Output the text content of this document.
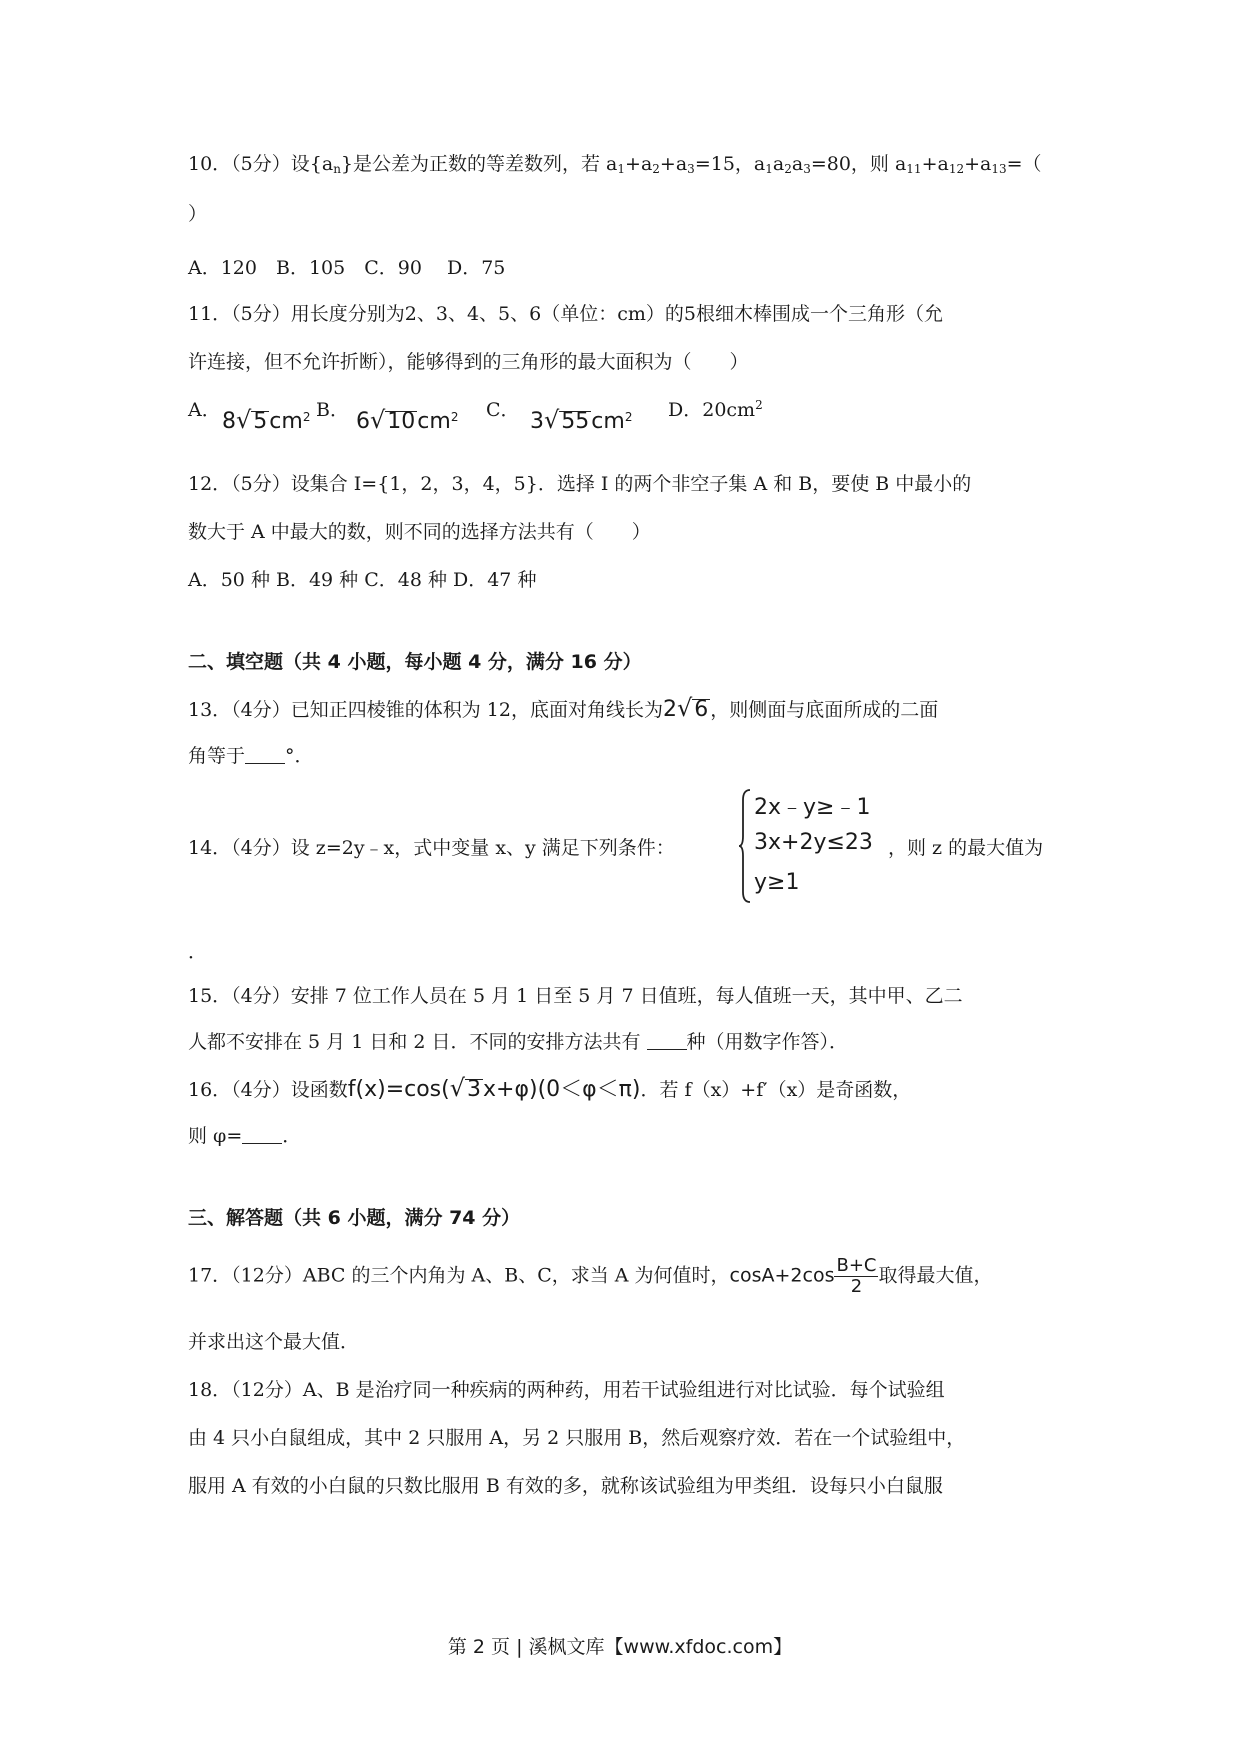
10．（5分）设$\{a_n\}$是公差为正数的等差数列，若 $a_1+a_2+a_3=15$，$a_1a_2a_3=80$，则 $a_{11}+a_{12}+a_{13}=$（
）
A．120　B．105　C．90　 D．75
11．（5分）用长度分别为2、3、4、5、6（单位：cm）的5根细木棒围成一个三角形（允
许连接，但不允许折断），能够得到的三角形的最大面积为（　　）
A． $8√5cm^2$ B． $6√10cm^2$ C． $3√55cm^2$ D．$20cm^2$
12．（5分）设集合 I={1，2，3，4，5}．选择 I 的两个非空子集 A 和 B，要使 B 中最小的
数大于 A 中最大的数，则不同的选择方法共有（　　）
A．50 种 B．49 种 C．48 种 D．47 种
二、填空题（共 4 小题，每小题 4 分，满分 16 分）
13．（4分）已知正四棱锥的体积为 12，底面对角线长为2√6 ，则侧面与底面所成的二面
角等于 °．
14．（4分）设 z=2y﹣x，式中变量 x、y 满足下列条件：
2x﹣y≥﹣1
3x+2y≤23
y≥1
，则 z 的最大值为
．
15．（4分）安排 7 位工作人员在 5 月 1 日至 5 月 7 日值班，每人值班一天，其中甲、乙二
人都不安排在 5 月 1 日和 2 日．不同的安排方法共有 种（用数字作答）．
16．（4分）设函数f(x)=cos(√3x+φ)(0＜φ＜π)．若 f（x）+f′（x）是奇函数，
则 φ= ．
三、解答题（共 6 小题，满分 74 分）
17．（12分）ABC 的三个内角为 A、B、C，求当 A 为何值时，$\cos A+2\cos \frac{B+C}{2}$ 取得最大值，
并求出这个最大值．
18．（12分）A、B 是治疗同一种疾病的两种药，用若干试验组进行对比试验．每个试验组
由 4 只小白鼠组成，其中 2 只服用 A，另 2 只服用 B，然后观察疗效．若在一个试验组中，
服用 A 有效的小白鼠的只数比服用 B 有效的多，就称该试验组为甲类组．设每只小白鼠服
第 2 页 | 溪枫文库【www.xfdoc.com】
